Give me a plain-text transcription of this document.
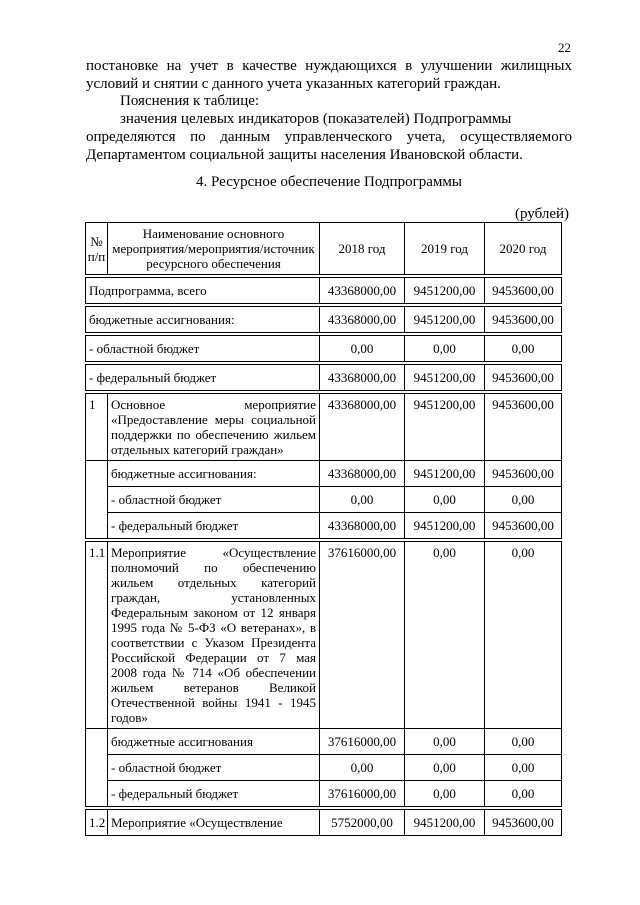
22
постановке на учет в качестве нуждающихся в улучшении жилищных условий и снятии с данного учета указанных категорий граждан.
Пояснения к таблице:
значения целевых индикаторов (показателей) Подпрограммы
определяются по данным управленческого учета, осуществляемого Департаментом социальной защиты населения Ивановской области.
4. Ресурсное обеспечение Подпрограммы
(рублей)
№ п/п	Наименование основного мероприятия/мероприятия/источник ресурсного обеспечения	2018 год	2019 год	2020 год

Подпрограмма, всего		43368000,00	9451200,00	9453600,00

бюджетные ассигнования:		43368000,00	9451200,00	9453600,00

- областной бюджет		0,00	0,00	0,00

- федеральный бюджет		43368000,00	9451200,00	9453600,00

1	Основное мероприятие «Предоставление меры социальной поддержки по обеспечению жильем отдельных категорий граждан»	43368000,00	9451200,00	9453600,00
	бюджетные ассигнования:	43368000,00	9451200,00	9453600,00
	- областной бюджет	0,00	0,00	0,00
	- федеральный бюджет	43368000,00	9451200,00	9453600,00

1.1	Мероприятие «Осуществление полномочий по обеспечению жильем отдельных категорий граждан, установленных Федеральным законом от 12 января 1995 года № 5-ФЗ «О ветеранах», в соответствии с Указом Президента Российской Федерации от 7 мая 2008 года № 714 «Об обеспечении жильем ветеранов Великой Отечественной войны 1941 - 1945 годов»	37616000,00	0,00	0,00
	бюджетные ассигнования	37616000,00	0,00	0,00
	- областной бюджет	0,00	0,00	0,00
	- федеральный бюджет	37616000,00	0,00	0,00

1.2	Мероприятие «Осуществление	5752000,00	9451200,00	9453600,00
